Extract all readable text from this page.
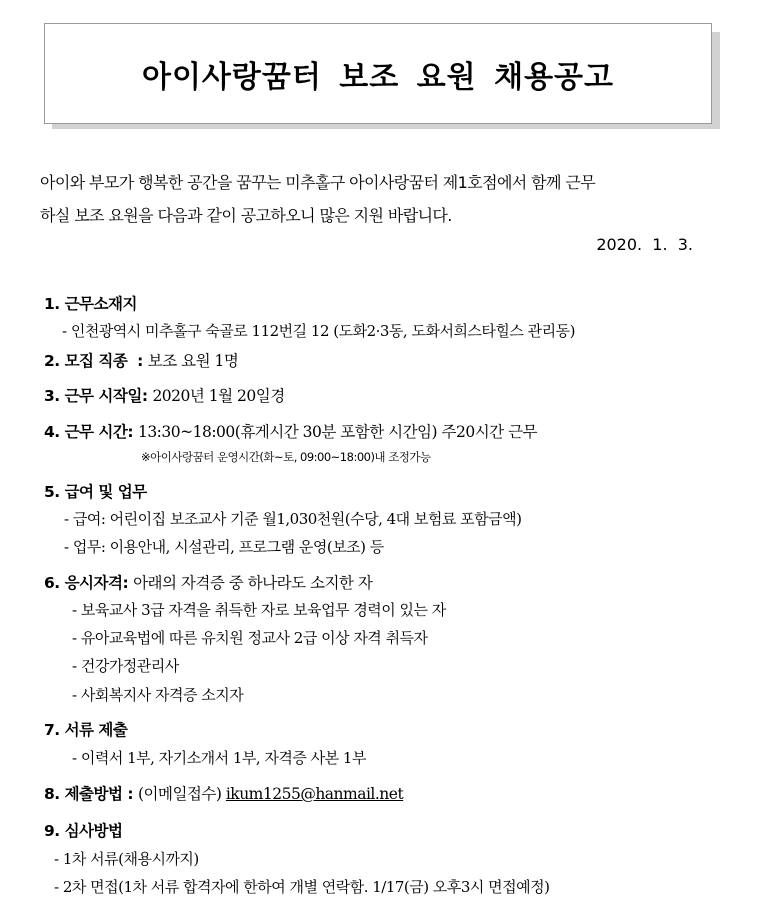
아이사랑꿈터 보조 요원 채용공고
아이와 부모가 행복한 공간을 꿈꾸는 미추홀구 아이사랑꿈터 제1호점에서 함께 근무
하실 보조 요원을 다음과 같이 공고하오니 많은 지원 바랍니다.
2020.  1.  3.
1. 근무소재지
- 인천광역시 미추홀구 숙골로 112번길 12 (도화2·3동, 도화서희스타힐스 관리동)
2. 모집 직종  : 보조 요원 1명
3. 근무 시작일: 2020년 1월 20일경
4. 근무 시간: 13:30~18:00(휴게시간 30분 포함한 시간임) 주20시간 근무
※아이사랑꿈터 운영시간(화~토, 09:00~18:00)내 조정가능
5. 급여 및 업무
- 급여: 어린이집 보조교사 기준 월1,030천원(수당, 4대 보험료 포함금액)
- 업무: 이용안내, 시설관리, 프로그램 운영(보조) 등
6. 응시자격: 아래의 자격증 중 하나라도 소지한 자
- 보육교사 3급 자격을 취득한 자로 보육업무 경력이 있는 자
- 유아교육법에 따른 유치원 정교사 2급 이상 자격 취득자
- 건강가정관리사
- 사회복지사 자격증 소지자
7. 서류 제출
- 이력서 1부, 자기소개서 1부, 자격증 사본 1부
8. 제출방법 : (이메일접수) ikum1255@hanmail.net
9. 심사방법
- 1차 서류(채용시까지)
- 2차 면접(1차 서류 합격자에 한하여 개별 연락함. 1/17(금) 오후3시 면접예정)
